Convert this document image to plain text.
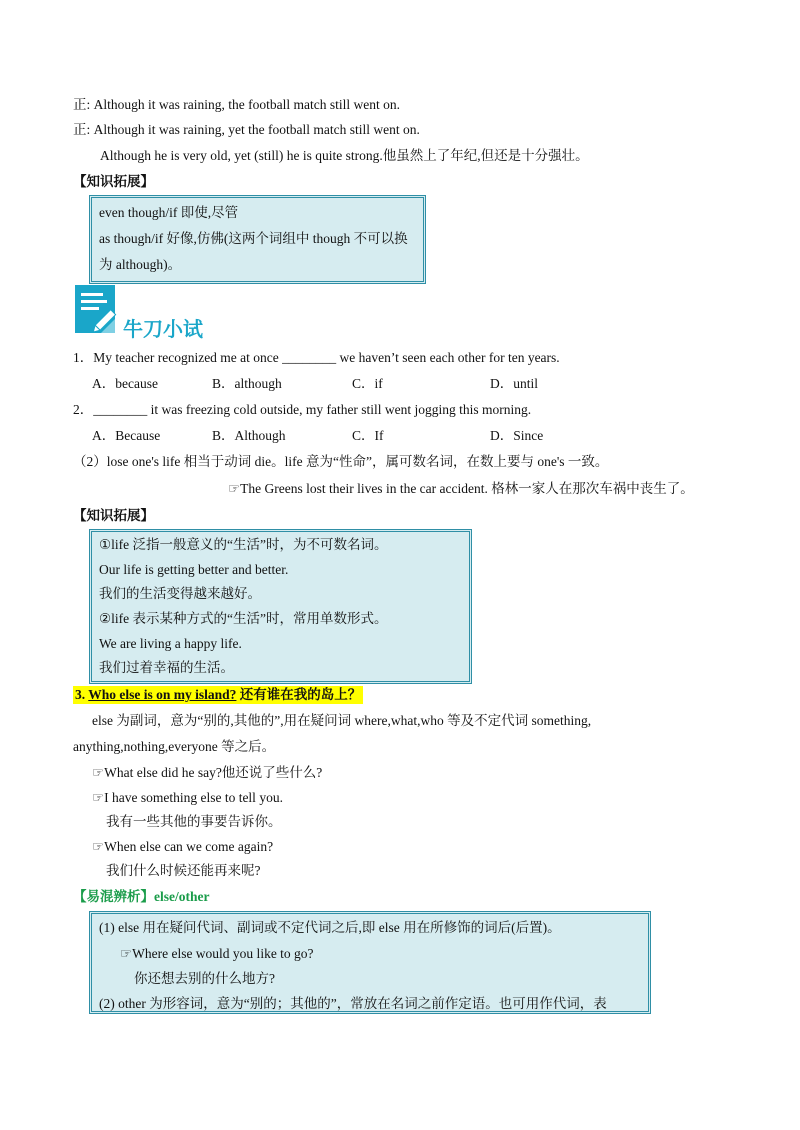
正: Although it was raining, the football match still went on.
正: Although it was raining, yet the football match still went on.
Although he is very old, yet (still) he is quite strong.他虽然上了年纪,但还是十分强壮。
【知识拓展】
even though/if 即使,尽管
as though/if 好像,仿佛(这两个词组中 though 不可以换
为 although)。
牛刀小试
1．My teacher recognized me at once ________ we haven’t seen each other for ten years.
A．because	B．although	C．if	D．until
2．________ it was freezing cold outside, my father still went jogging this morning.
A．Because	B．Although	C．If	D．Since
（2）lose one's life 相当于动词 die。life 意为“性命”，属可数名词，在数上要与 one's 一致。
☞The Greens lost their lives in the car accident. 格林一家人在那次车祸中丧生了。
【知识拓展】
①life 泛指一般意义的“生活”时，为不可数名词。
Our life is getting better and better.
我们的生活变得越来越好。
②life 表示某种方式的“生活”时，常用单数形式。
We are living a happy life.
我们过着幸福的生活。
3. Who else is on my island? 还有谁在我的岛上？
else 为副词，意为“别的,其他的”,用在疑问词 where,what,who 等及不定代词 something,
anything,nothing,everyone 等之后。
☞What else did he say?他还说了些什么?
☞I have something else to tell you.
我有一些其他的事要告诉你。
☞When else can we come again?
我们什么时候还能再来呢?
【易混辨析】else/other
(1) else 用在疑问代词、副词或不定代词之后,即 else 用在所修饰的词后(后置)。
☞Where else would you like to go?
你还想去别的什么地方?
(2) other 为形容词，意为“别的；其他的”，常放在名词之前作定语。也可用作代词，表
